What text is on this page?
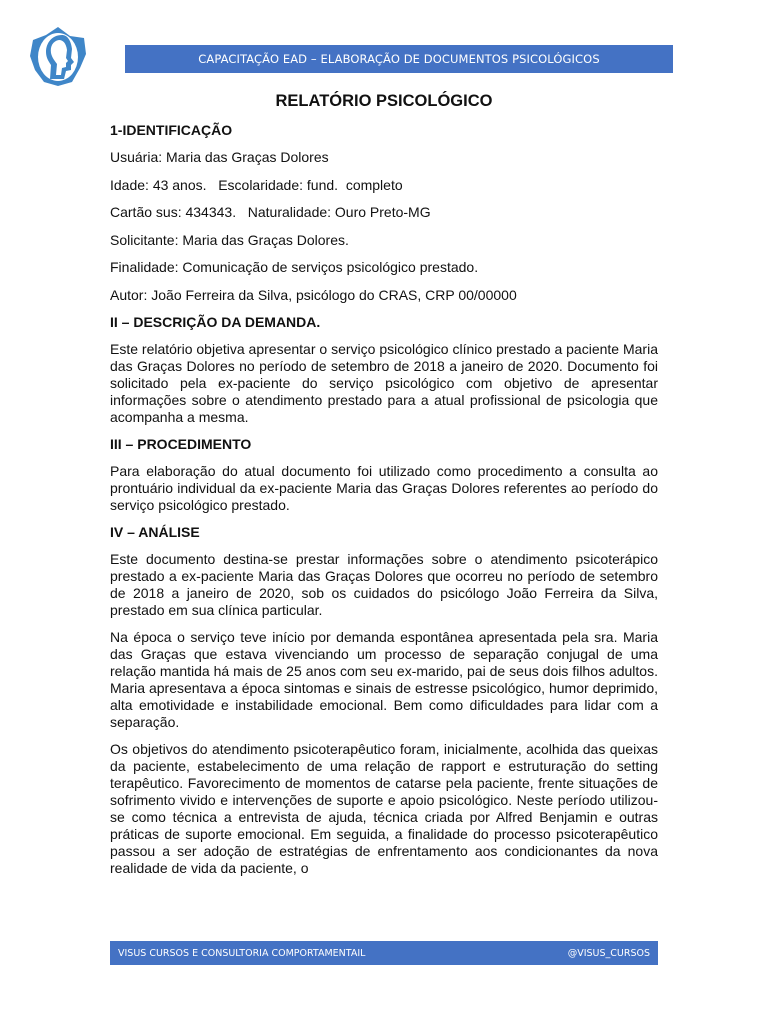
CAPACITAÇÃO EAD – ELABORAÇÃO DE DOCUMENTOS PSICOLÓGICOS
RELATÓRIO PSICOLÓGICO
1-IDENTIFICAÇÃO
Usuária: Maria das Graças Dolores
Idade: 43 anos.   Escolaridade: fund.  completo
Cartão sus: 434343.   Naturalidade: Ouro Preto-MG
Solicitante: Maria das Graças Dolores.
Finalidade: Comunicação de serviços psicológico prestado.
Autor: João Ferreira da Silva, psicólogo do CRAS, CRP 00/00000
II – DESCRIÇÃO DA DEMANDA.
Este relatório objetiva apresentar o serviço psicológico clínico prestado a paciente Maria das Graças Dolores no período de setembro de 2018 a janeiro de 2020. Documento foi solicitado pela ex-paciente do serviço psicológico com objetivo de apresentar informações sobre o atendimento prestado para a atual profissional de psicologia que acompanha a mesma.
III – PROCEDIMENTO
Para elaboração do atual documento foi utilizado como procedimento a consulta ao prontuário individual da ex-paciente Maria das Graças Dolores referentes ao período do serviço psicológico prestado.
IV – ANÁLISE
Este documento destina-se prestar informações sobre o atendimento psicoterápico prestado a ex-paciente Maria das Graças Dolores que ocorreu no período de setembro de 2018 a janeiro de 2020, sob os cuidados do psicólogo João Ferreira da Silva, prestado em sua clínica particular.
Na época o serviço teve início por demanda espontânea apresentada pela sra. Maria das Graças que estava vivenciando um processo de separação conjugal de uma relação mantida há mais de 25 anos com seu ex-marido, pai de seus dois filhos adultos. Maria apresentava a época sintomas e sinais de estresse psicológico, humor deprimido, alta emotividade e instabilidade emocional. Bem como dificuldades para lidar com a separação.
Os objetivos do atendimento psicoterapêutico foram, inicialmente, acolhida das queixas da paciente, estabelecimento de uma relação de rapport e estruturação do setting terapêutico. Favorecimento de momentos de catarse pela paciente, frente situações de sofrimento vivido e intervenções de suporte e apoio psicológico. Neste período utilizou-se como técnica a entrevista de ajuda, técnica criada por Alfred Benjamin e outras práticas de suporte emocional. Em seguida, a finalidade do processo psicoterapêutico passou a ser adoção de estratégias de enfrentamento aos condicionantes da nova realidade de vida da paciente, o
VISUS CURSOS E CONSULTORIA COMPORTAMENTAIL	@VISUS_CURSOS
